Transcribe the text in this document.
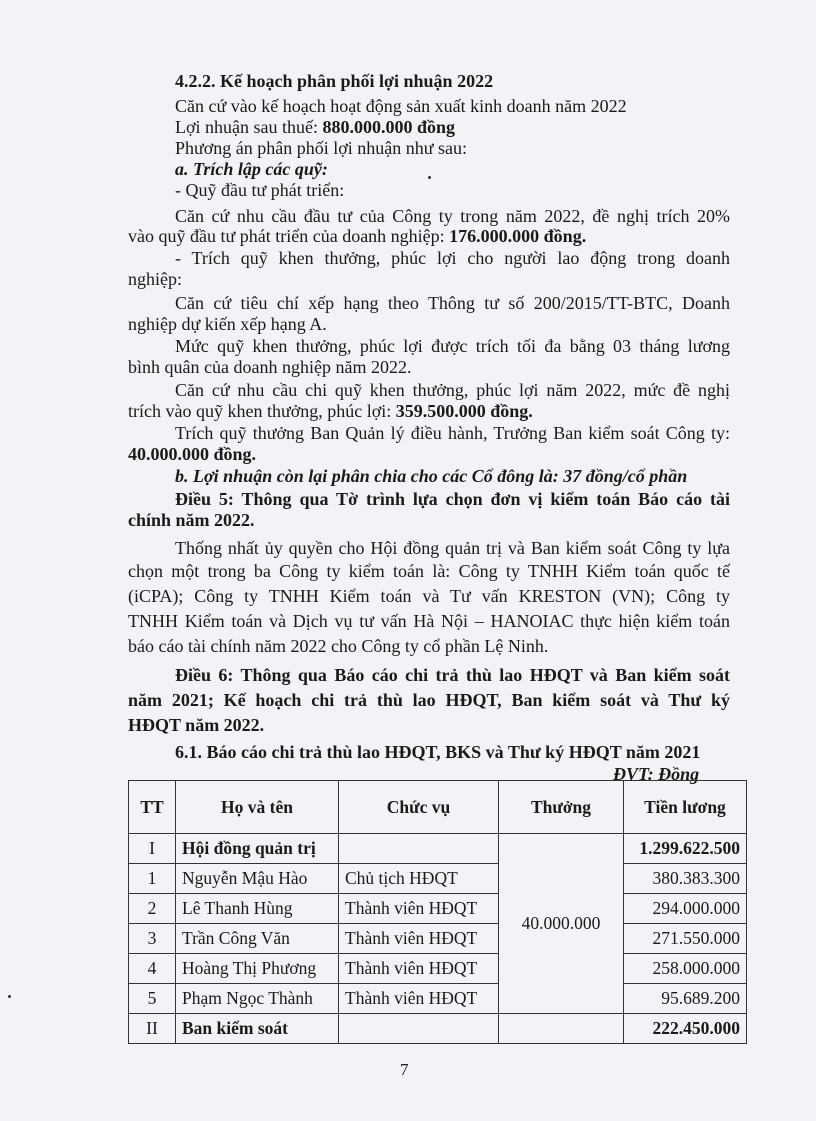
4.2.2. Kế hoạch phân phối lợi nhuận 2022
Căn cứ vào kế hoạch hoạt động sản xuất kinh doanh năm 2022
Lợi nhuận sau thuế: 880.000.000 đồng
Phương án phân phối lợi nhuận như sau:
a. Trích lập các quỹ:
- Quỹ đầu tư phát triển:
Căn cứ nhu cầu đầu tư của Công ty trong năm 2022, đề nghị trích 20%
vào quỹ đầu tư phát triển của doanh nghiệp: 176.000.000 đồng.
- Trích quỹ khen thưởng, phúc lợi cho người lao động trong doanh
nghiệp:
Căn cứ tiêu chí xếp hạng theo Thông tư số 200/2015/TT-BTC, Doanh
nghiệp dự kiến xếp hạng A.
Mức quỹ khen thưởng, phúc lợi được trích tối đa bằng 03 tháng lương
bình quân của doanh nghiệp năm 2022.
Căn cứ nhu cầu chi quỹ khen thưởng, phúc lợi năm 2022, mức đề nghị
trích vào quỹ khen thưởng, phúc lợi: 359.500.000 đồng.
Trích quỹ thưởng Ban Quản lý điều hành, Trưởng Ban kiểm soát Công ty:
40.000.000 đồng.
b. Lợi nhuận còn lại phân chia cho các Cổ đông là: 37 đồng/cổ phần
Điều 5: Thông qua Tờ trình lựa chọn đơn vị kiểm toán Báo cáo tài
chính năm 2022.
Thống nhất ủy quyền cho Hội đồng quản trị và Ban kiểm soát Công ty lựa
chọn một trong ba Công ty kiểm toán là: Công ty TNHH Kiểm toán quốc tế
(iCPA); Công ty TNHH Kiểm toán và Tư vấn KRESTON (VN); Công ty
TNHH Kiểm toán và Dịch vụ tư vấn Hà Nội – HANOIAC thực hiện kiểm toán
báo cáo tài chính năm 2022 cho Công ty cổ phần Lệ Ninh.
Điều 6: Thông qua Báo cáo chi trả thù lao HĐQT và Ban kiểm soát
năm 2021; Kế hoạch chi trả thù lao HĐQT, Ban kiểm soát và Thư ký
HĐQT năm 2022.
6.1. Báo cáo chi trả thù lao HĐQT, BKS và Thư ký HĐQT năm 2021
ĐVT: Đồng
TT	Họ và tên	Chức vụ	Thưởng	Tiền lương
I	Hội đồng quản trị		40.000.000	1.299.622.500
1	Nguyễn Mậu Hào	Chủ tịch HĐQT		380.383.300
2	Lê Thanh Hùng	Thành viên HĐQT		294.000.000
3	Trần Công Văn	Thành viên HĐQT		271.550.000
4	Hoàng Thị Phương	Thành viên HĐQT		258.000.000
5	Phạm Ngọc Thành	Thành viên HĐQT		95.689.200
II	Ban kiểm soát			222.450.000
7
